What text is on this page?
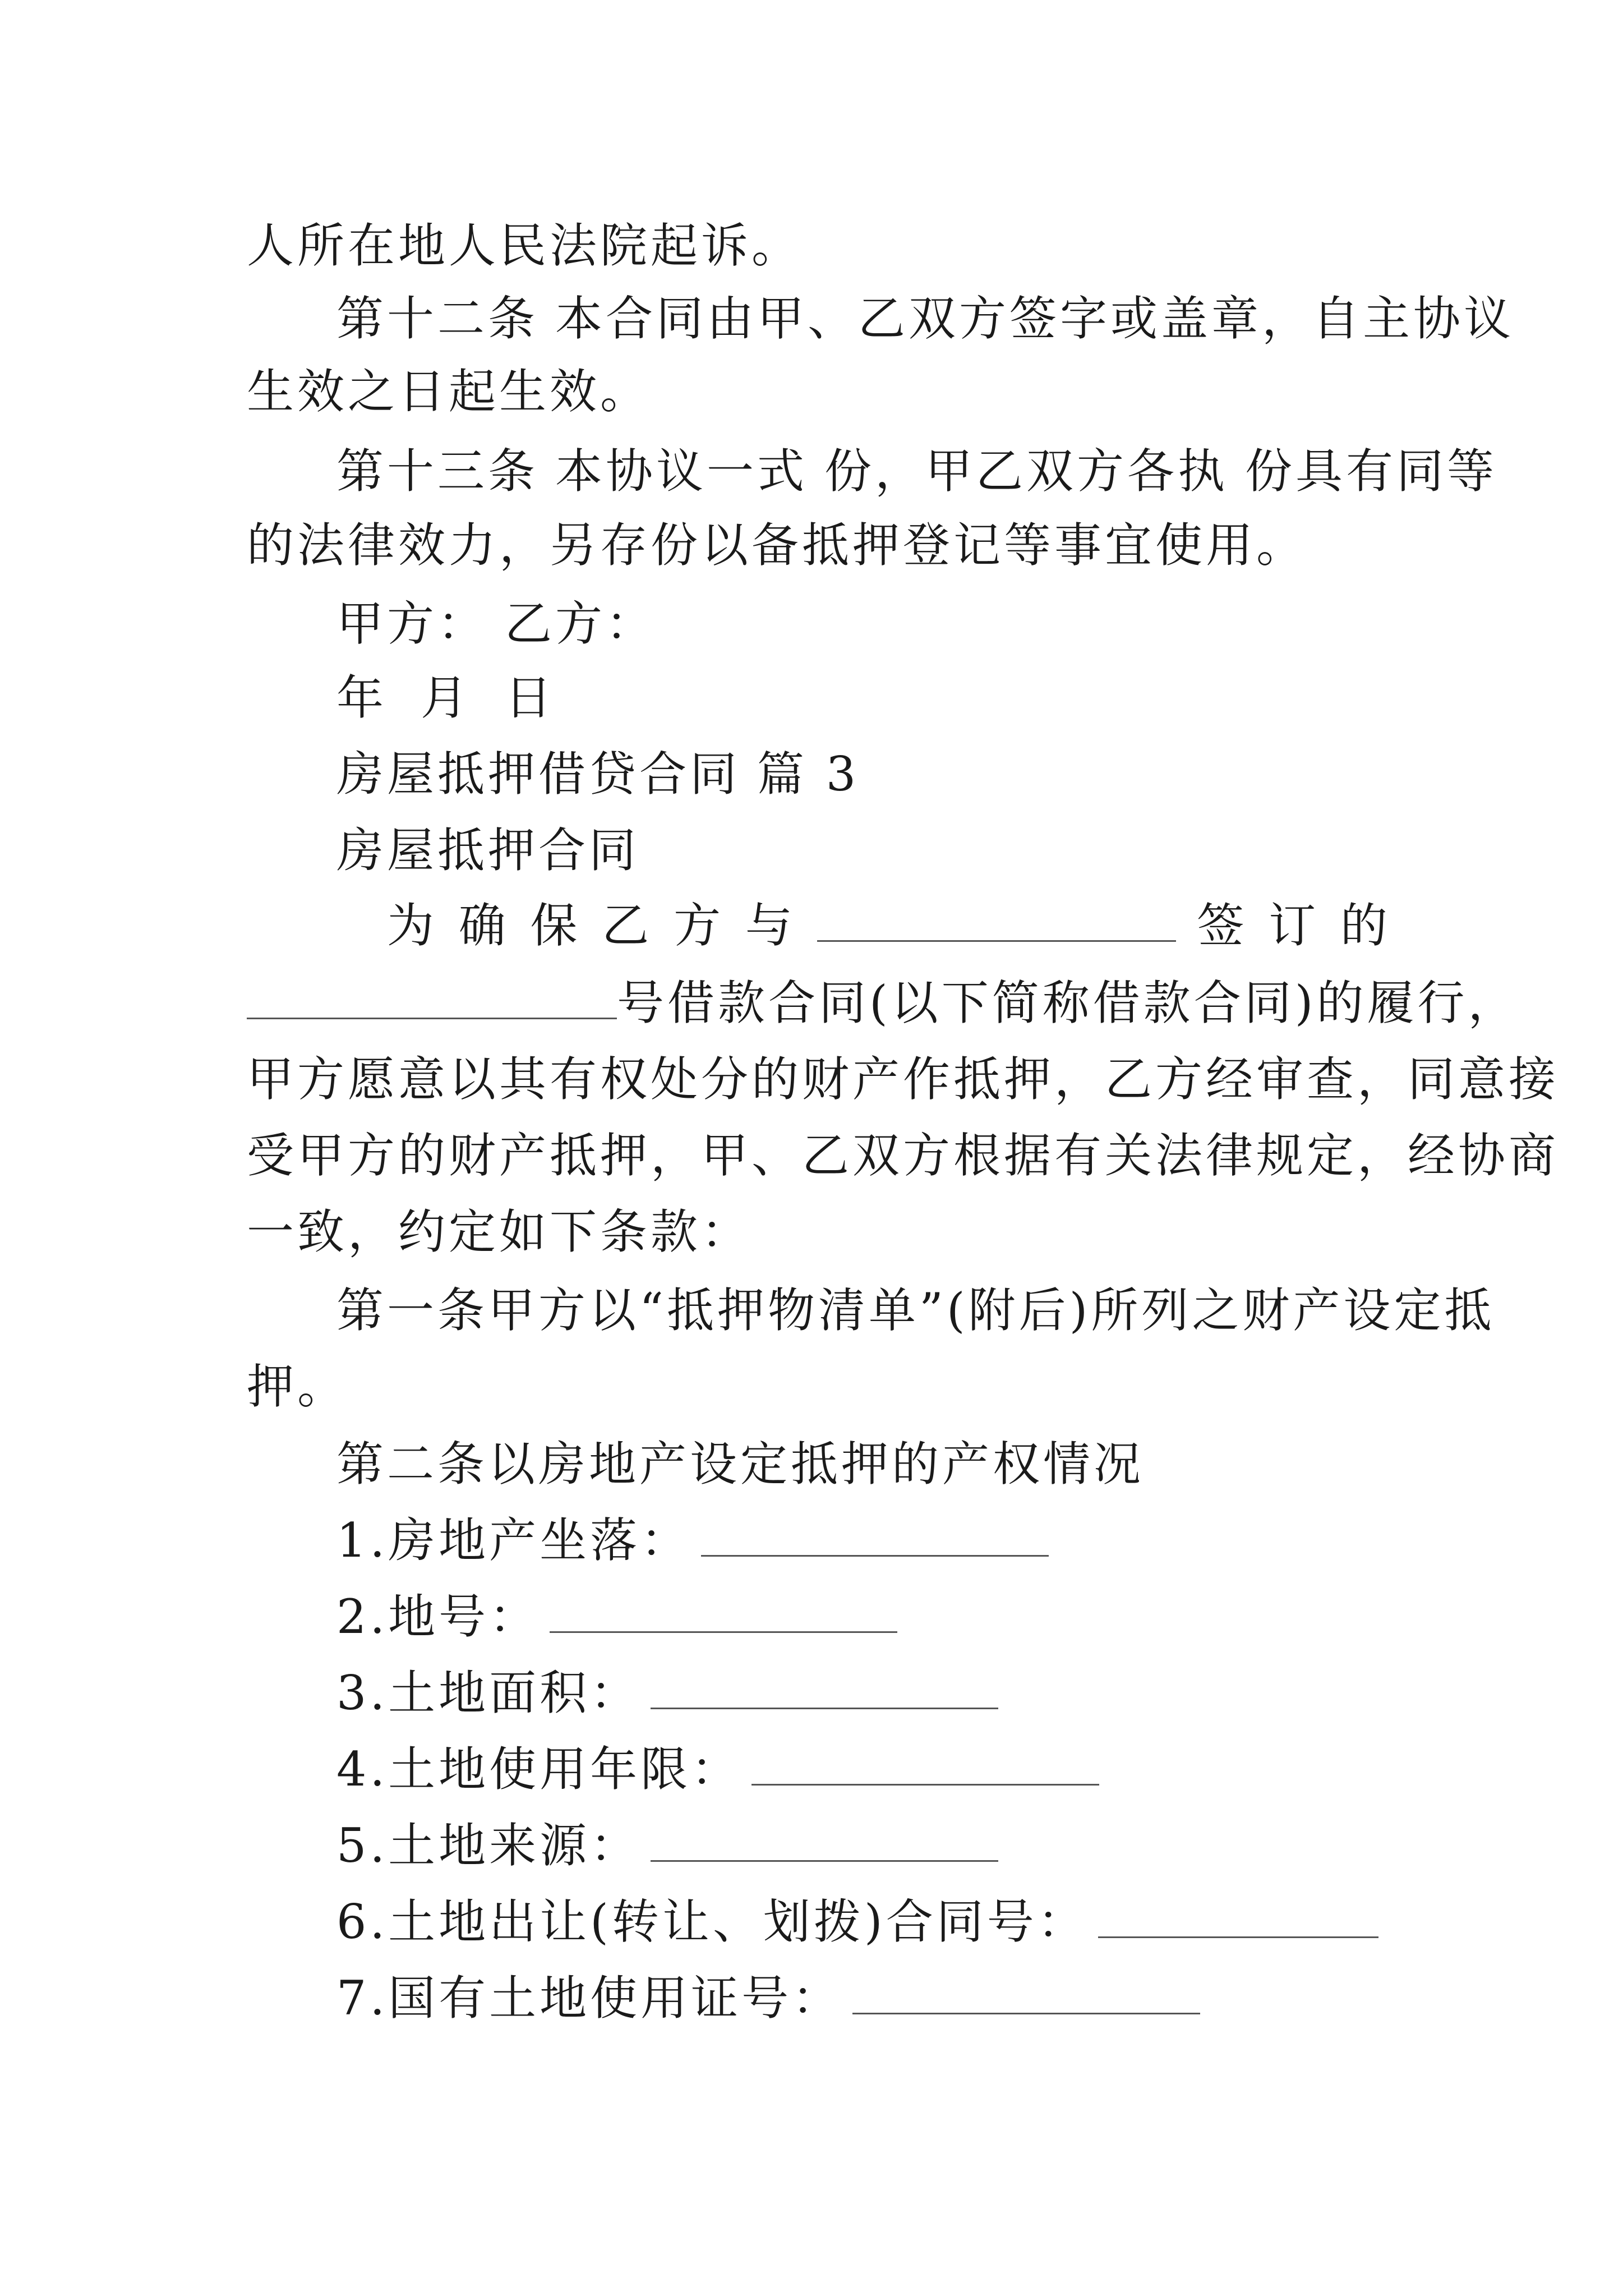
人所在地人民法院起诉。
第十二条 本合同由甲、乙双方签字或盖章，自主协议
生效之日起生效。
第十三条 本协议一式 份，甲乙双方各执 份具有同等
的法律效力，另存份以备抵押登记等事宜使用。
甲方： 乙方：
年 月 日
房屋抵押借贷合同 篇 3
房屋抵押合同
为 确 保 乙 方 与	签 订 的
号借款合同(以下简称借款合同)的履行，
甲方愿意以其有权处分的财产作抵押，乙方经审查，同意接
受甲方的财产抵押，甲、乙双方根据有关法律规定，经协商
一致，约定如下条款：
第一条甲方以“抵押物清单”(附后)所列之财产设定抵
押。
第二条以房地产设定抵押的产权情况
1.房地产坐落：
2.地号：
3.土地面积：
4.土地使用年限：
5.土地来源：
6.土地出让(转让、划拨)合同号：
7.国有土地使用证号：
